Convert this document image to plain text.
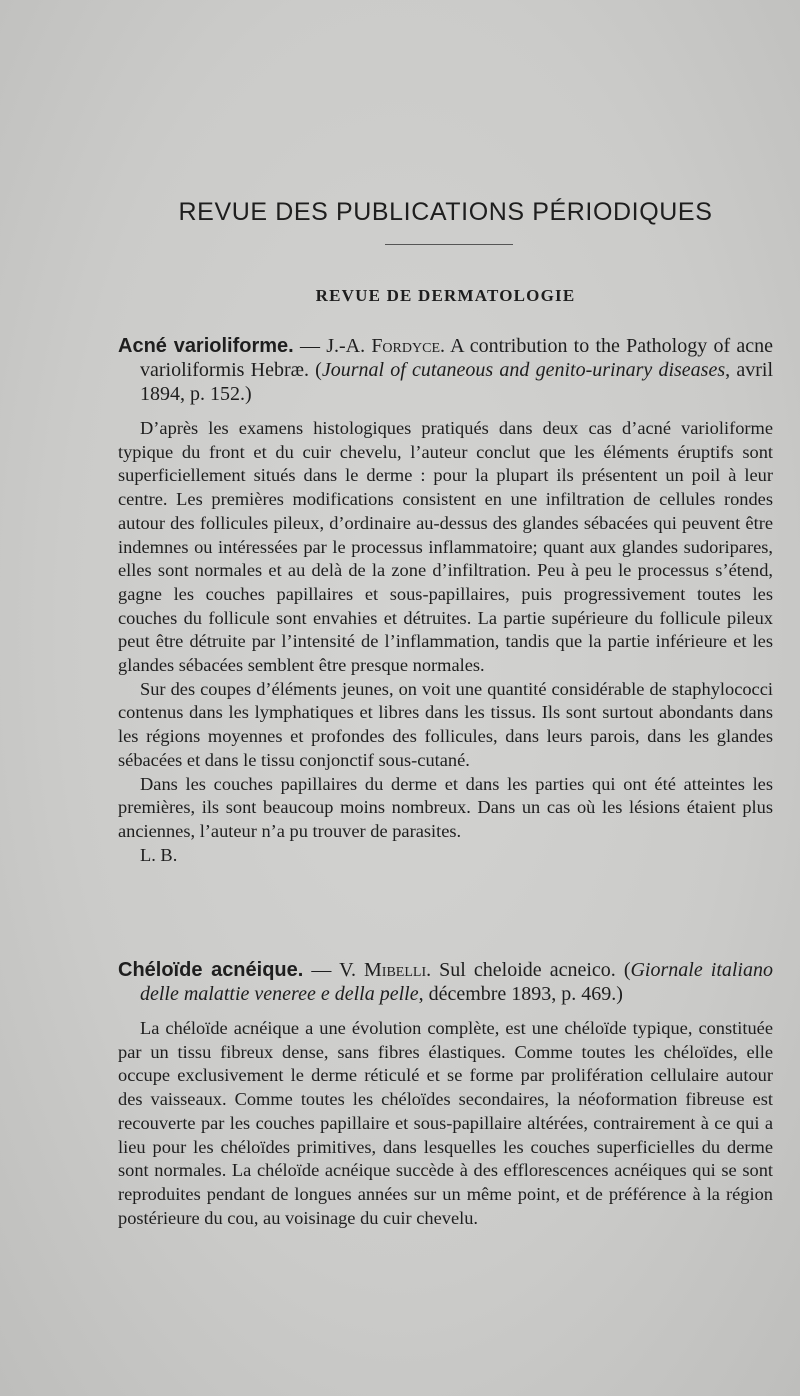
REVUE DES PUBLICATIONS PÉRIODIQUES
REVUE DE DERMATOLOGIE

Acné varioliforme. — J.-A. Fordyce. A contribution to the Pathology of acne varioliformis Hebræ. (Journal of cutaneous and genito-urinary diseases, avril 1894, p. 152.)

D’après les examens histologiques pratiqués dans deux cas d’acné varioliforme typique du front et du cuir chevelu, l’auteur conclut que les éléments éruptifs sont superficiellement situés dans le derme : pour la plupart ils présentent un poil à leur centre. Les premières modifications consistent en une infiltration de cellules rondes autour des follicules pileux, d’ordinaire au-dessus des glandes sébacées qui peuvent être indemnes ou intéressées par le processus inflammatoire; quant aux glandes sudoripares, elles sont normales et au delà de la zone d’infiltration. Peu à peu le processus s’étend, gagne les couches papillaires et sous-papillaires, puis progressivement toutes les couches du follicule sont envahies et détruites. La partie supérieure du follicule pileux peut être détruite par l’intensité de l’inflammation, tandis que la partie inférieure et les glandes sébacées semblent être presque normales.

Sur des coupes d’éléments jeunes, on voit une quantité considérable de staphylococci contenus dans les lymphatiques et libres dans les tissus. Ils sont surtout abondants dans les régions moyennes et profondes des follicules, dans leurs parois, dans les glandes sébacées et dans le tissu conjonctif sous-cutané.

Dans les couches papillaires du derme et dans les parties qui ont été atteintes les premières, ils sont beaucoup moins nombreux. Dans un cas où les lésions étaient plus anciennes, l’auteur n’a pu trouver de parasites.

L. B.

Chéloïde acnéique. — V. Mibelli. Sul cheloide acneico. (Giornale italiano delle malattie veneree e della pelle, décembre 1893, p. 469.)

La chéloïde acnéique a une évolution complète, est une chéloïde typique, constituée par un tissu fibreux dense, sans fibres élastiques. Comme toutes les chéloïdes, elle occupe exclusivement le derme réticulé et se forme par prolifération cellulaire autour des vaisseaux. Comme toutes les chéloïdes secondaires, la néoformation fibreuse est recouverte par les couches papillaire et sous-papillaire altérées, contrairement à ce qui a lieu pour les chéloïdes primitives, dans lesquelles les couches superficielles du derme sont normales. La chéloïde acnéique succède à des efflorescences acnéiques qui se sont reproduites pendant de longues années sur un même point, et de préférence à la région postérieure du cou, au voisinage du cuir chevelu.
